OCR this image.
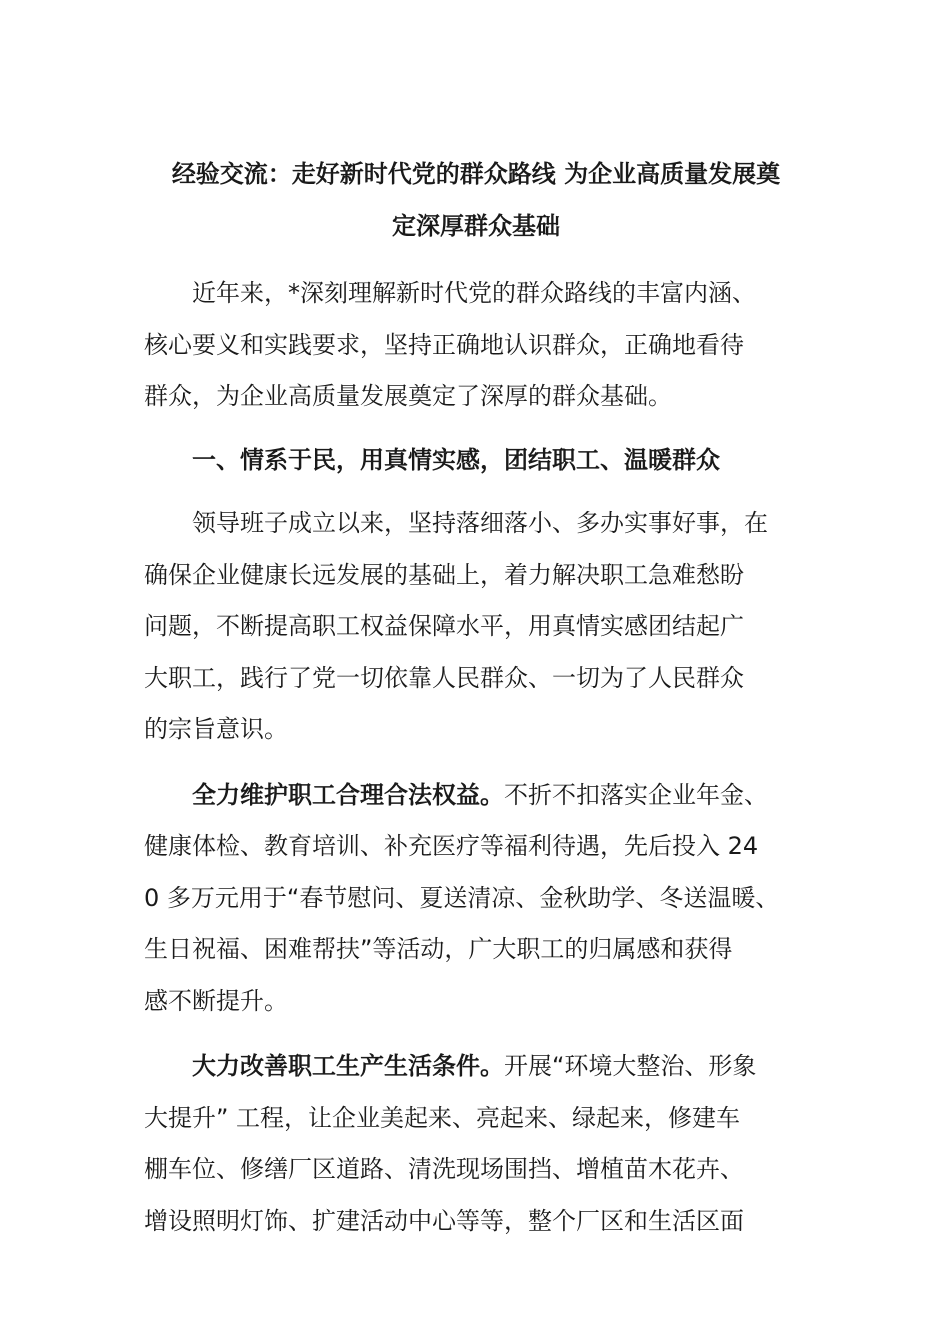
经验交流：走好新时代党的群众路线 为企业高质量发展奠
定深厚群众基础

近年来，*深刻理解新时代党的群众路线的丰富内涵、
核心要义和实践要求，坚持正确地认识群众，正确地看待
群众，为企业高质量发展奠定了深厚的群众基础。

一、情系于民，用真情实感，团结职工、温暖群众

领导班子成立以来，坚持落细落小、多办实事好事，在
确保企业健康长远发展的基础上，着力解决职工急难愁盼
问题，不断提高职工权益保障水平，用真情实感团结起广
大职工，践行了党一切依靠人民群众、一切为了人民群众
的宗旨意识。

全力维护职工合理合法权益。不折不扣落实企业年金、
健康体检、教育培训、补充医疗等福利待遇，先后投入 24
0 多万元用于“春节慰问、夏送清凉、金秋助学、冬送温暖、
生日祝福、困难帮扶”等活动，广大职工的归属感和获得
感不断提升。

大力改善职工生产生活条件。开展“环境大整治、形象
大提升” 工程，让企业美起来、亮起来、绿起来，修建车
棚车位、修缮厂区道路、清洗现场围挡、增植苗木花卉、
增设照明灯饰、扩建活动中心等等，整个厂区和生活区面
